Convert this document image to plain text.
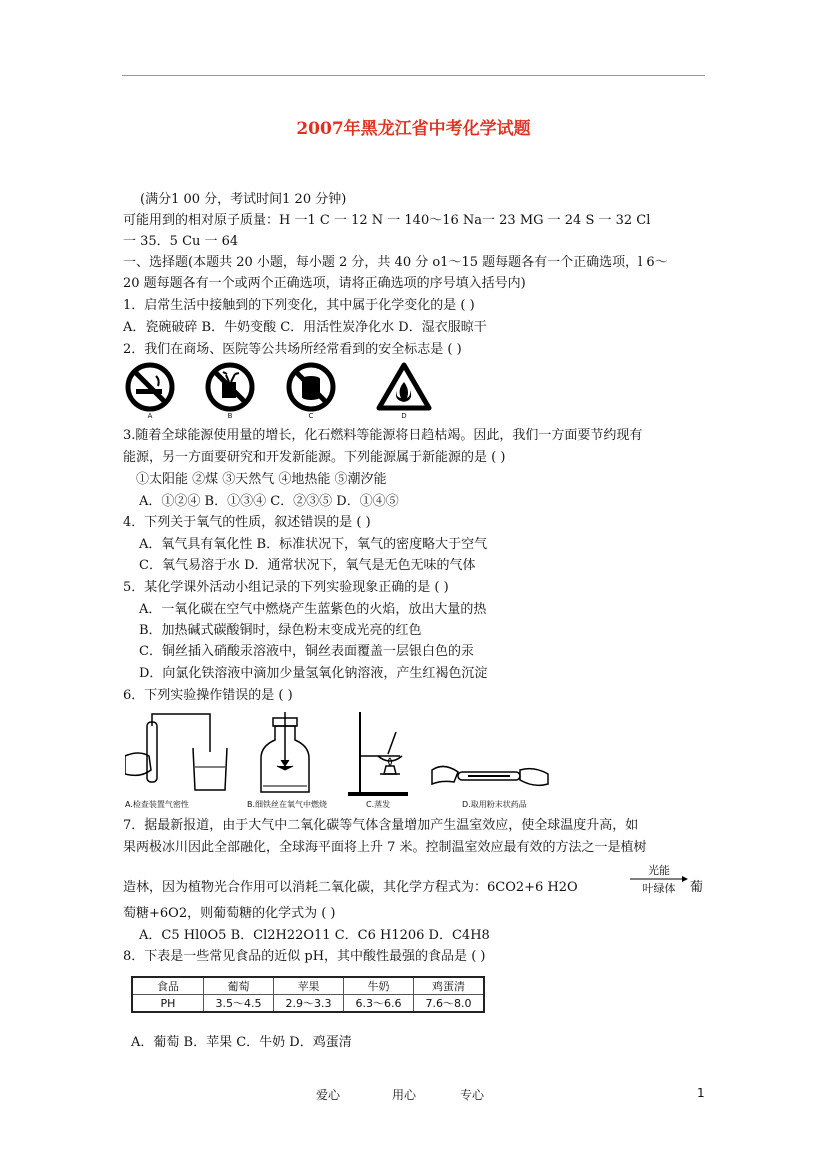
2007年黑龙江省中考化学试题
(满分1 00 分，考试时间1 20 分钟)
可能用到的相对原子质量：H 一1 C 一 12 N 一 140～16 Na一 23 MG 一 24 S 一 32 Cl
一 35．5 Cu 一 64
一、选择题(本题共 20 小题，每小题 2 分，共 40 分 o1～15 题每题各有一个正确选项，l 6～
20 题每题各有一个或两个正确选项，请将正确选项的序号填入括号内)
1．启常生活中接触到的下列变化，其中属于化学变化的是 ( )
A．瓷碗破碎 B．牛奶变酸 C．用活性炭净化水 D．湿衣服晾干
2．我们在商场、医院等公共场所经常看到的安全标志是 ( )
A	B	C	D
3.随着全球能源使用量的增长，化石燃料等能源将日趋枯竭。因此，我们一方面要节约现有
能源，另一方面要研究和开发新能源。下列能源属于新能源的是 ( )
①太阳能 ②煤 ③天然气 ④地热能 ⑤潮汐能
A．①②④ B．①③④ C．②③⑤ D．①④⑤
4．下列关于氧气的性质，叙述错误的是 ( )
A．氧气具有氧化性 B．标准状况下，氧气的密度略大于空气
C．氧气易溶于水 D．通常状况下，氧气是无色无味的气体
5．某化学课外活动小组记录的下列实验现象正确的是 ( )
A．一氧化碳在空气中燃烧产生蓝紫色的火焰，放出大量的热
B．加热碱式碳酸铜时，绿色粉末变成光亮的红色
C．铜丝插入硝酸汞溶液中，铜丝表面覆盖一层银白色的汞
D．向氯化铁溶液中滴加少量氢氧化钠溶液，产生红褐色沉淀
6．下列实验操作错误的是 ( )
A.检查装置气密性	B.细铁丝在氧气中燃烧	C.蒸发	D.取用粉末状药品
7．据最新报道，由于大气中二氧化碳等气体含量增加产生温室效应，使全球温度升高，如
果两极冰川因此全部融化，全球海平面将上升 7 米。控制温室效应最有效的方法之一是植树
造林，因为植物光合作用可以消耗二氧化碳，其化学方程式为：6CO2+6 H2O
光能
叶绿体	葡
萄糖+6O2，则葡萄糖的化学式为 ( )
A．C5 Hl0O5 B．Cl2H22O11 C．C6 H1206 D．C4H8
8．下表是一些常见食品的近似 pH，其中酸性最强的食品是 ( )
食品	葡萄	苹果	牛奶	鸡蛋清
PH	3.5～4.5	2.9～3.3	6.3～6.6	7.6～8.0
A．葡萄 B．苹果 C．牛奶 D．鸡蛋清
爱心	用心	专心	1
